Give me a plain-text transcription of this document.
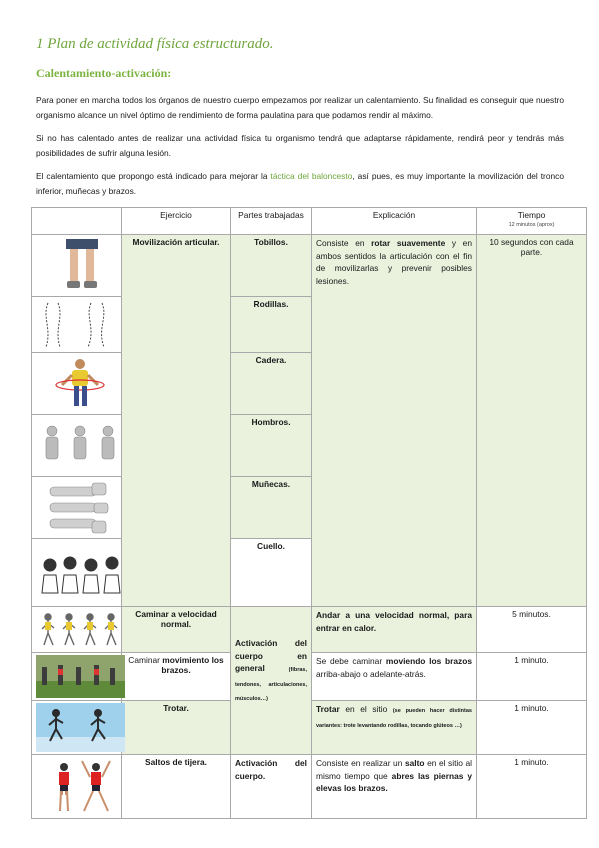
1 Plan de actividad física estructurado.
Calentamiento-activación:
Para poner en marcha todos los órganos de nuestro cuerpo empezamos por realizar un calentamiento. Su finalidad es conseguir que nuestro organismo alcance un nivel óptimo de rendimiento de forma paulatina para que podamos rendir al máximo.
Si no has calentado antes de realizar una actividad física tu organismo tendrá que adaptarse rápidamente, rendirá peor y tendrás más posibilidades de sufrir alguna lesión.
El calentamiento que propongo está indicado para mejorar la táctica del baloncesto, así pues, es muy importante la movilización del tronco inferior, muñecas y brazos.
	Ejercicio	Partes trabajadas	Explicación	Tiempo
12 minutos (aprox)

	Movilización articular.	Tobillos.	Consiste en rotar suavemente y en ambos sentidos la articulación con el fin de movilizarlas y prevenir posibles lesiones.	10 segundos con cada parte.

	Rodillas.		

	Cadera.		

	Hombros.		

	Muñecas.		

	Cuello.		

	Caminar a velocidad normal.	Activación del cuerpo en general (fibras, tendones, articulaciones, músculos…)	Andar a una velocidad normal, para entrar en calor.	5 minutos.

	Caminar movimiento los brazos.		Se debe caminar moviendo los brazos arriba-abajo o adelante-atrás.	1 minuto.

	Trotar.		Trotar en el sitio (se pueden hacer distintas variantes: trote levantando rodillas, tocando glúteos …)	1 minuto.

	Saltos de tijera.	Activación del cuerpo.	Consiste en realizar un salto en el sitio al mismo tiempo que abres las piernas y elevas los brazos.	1 minuto.
